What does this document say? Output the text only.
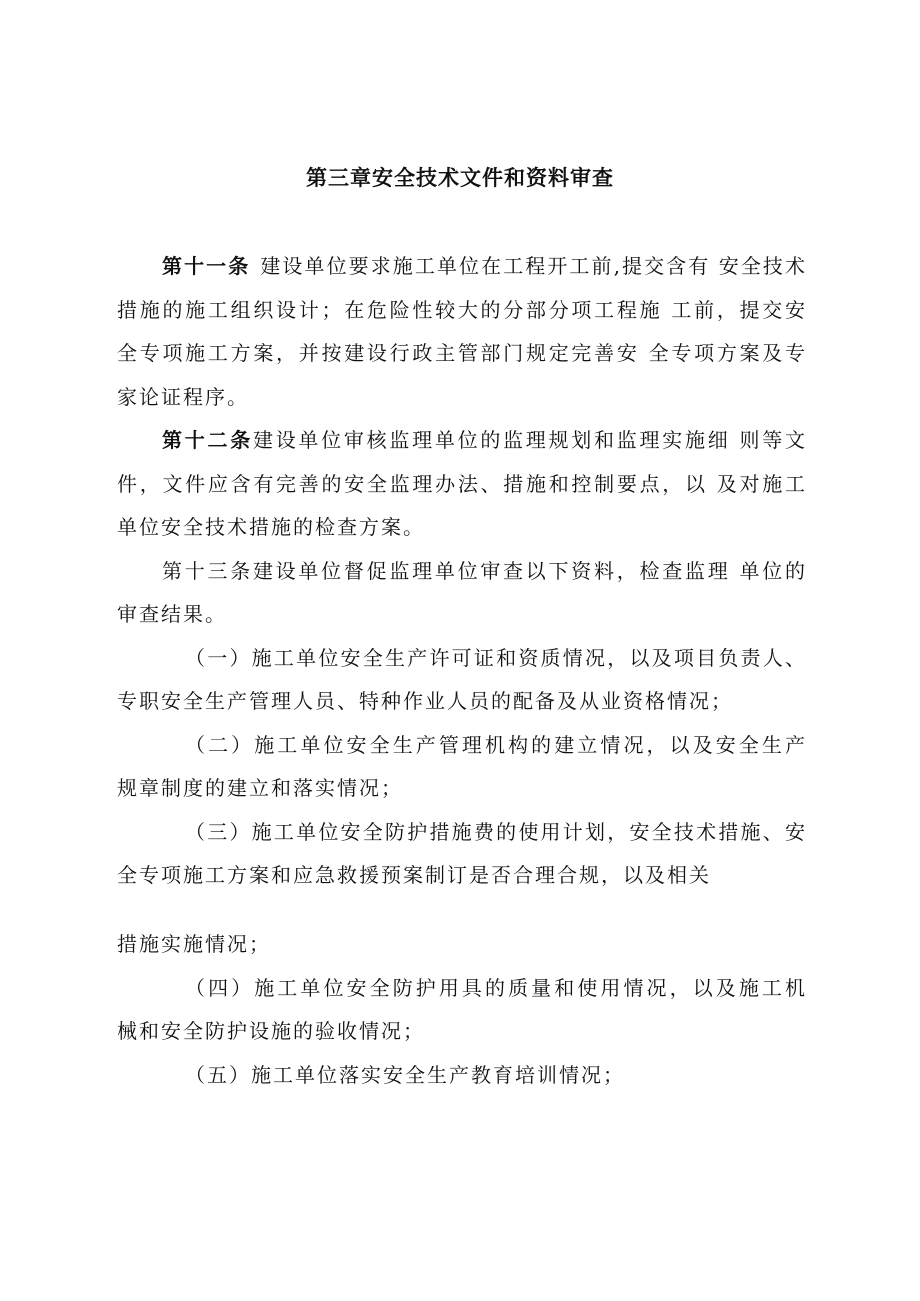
第三章安全技术文件和资料审查

第十一条 建设单位要求施工单位在工程开工前,提交含有 安全技术措施的施工组织设计；在危险性较大的分部分项工程施 工前，提交安全专项施工方案，并按建设行政主管部门规定完善安 全专项方案及专家论证程序。

第十二条建设单位审核监理单位的监理规划和监理实施细 则等文件，文件应含有完善的安全监理办法、措施和控制要点，以 及对施工单位安全技术措施的检查方案。

第十三条建设单位督促监理单位审查以下资料，检查监理 单位的审查结果。

（一）施工单位安全生产许可证和资质情况，以及项目负责人、 专职安全生产管理人员、特种作业人员的配备及从业资格情况；

（二）施工单位安全生产管理机构的建立情况，以及安全生产 规章制度的建立和落实情况；

（三）施工单位安全防护措施费的使用计划，安全技术措施、安 全专项施工方案和应急救援预案制订是否合理合规，以及相关

措施实施情况；

（四）施工单位安全防护用具的质量和使用情况，以及施工机 械和安全防护设施的验收情况；

（五）施工单位落实安全生产教育培训情况；
